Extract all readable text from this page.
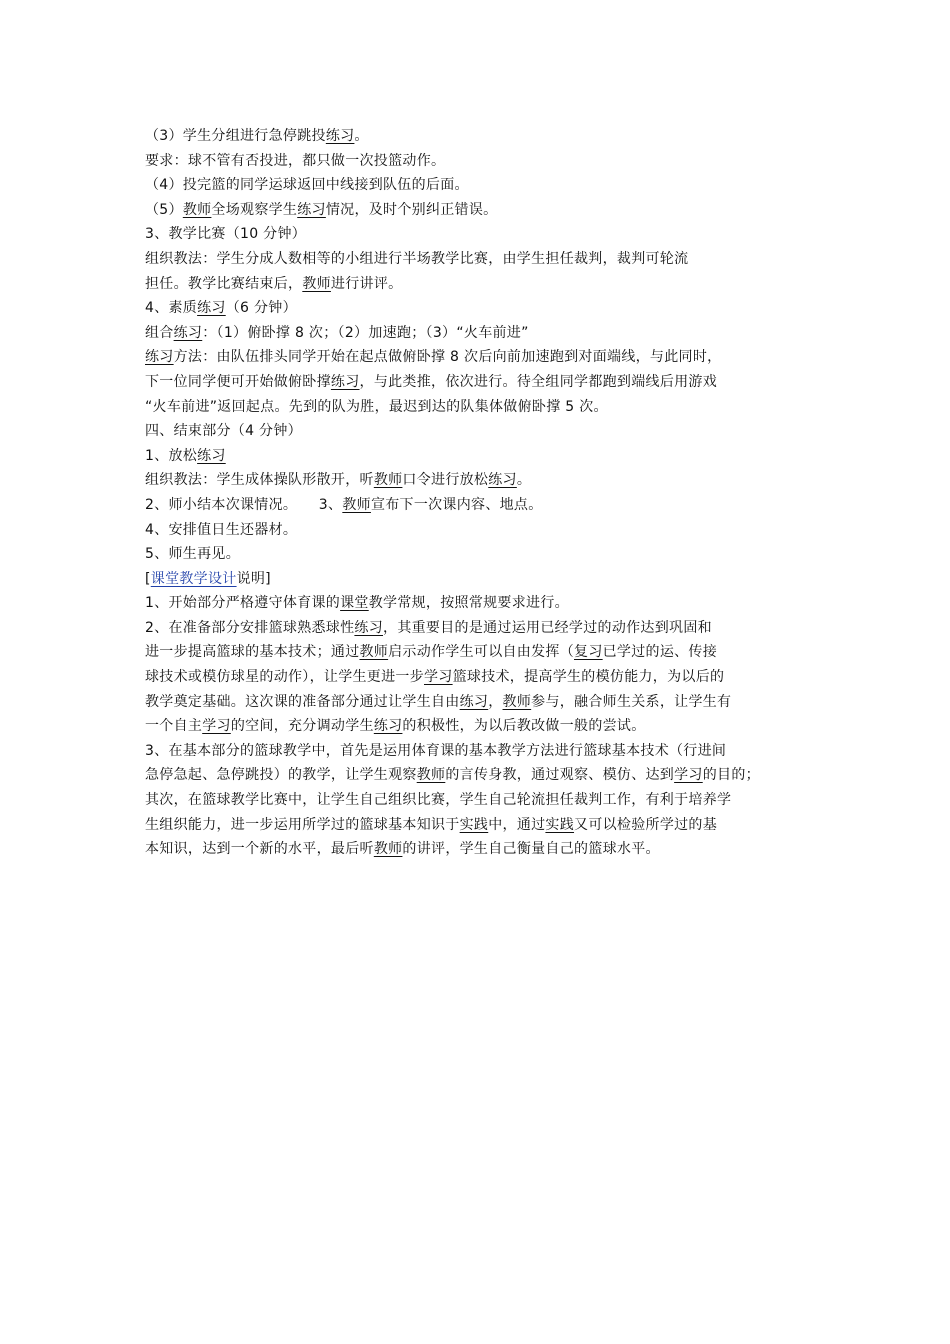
（3）学生分组进行急停跳投练习。
要求：球不管有否投进，都只做一次投篮动作。
（4）投完篮的同学运球返回中线接到队伍的后面。
（5）教师全场观察学生练习情况，及时个别纠正错误。
3、教学比赛（10 分钟）
组织教法：学生分成人数相等的小组进行半场教学比赛，由学生担任裁判，裁判可轮流
担任。教学比赛结束后，教师进行讲评。
4、素质练习（6 分钟）
组合练习：（1）俯卧撑 8 次；（2）加速跑；（3）“火车前进”
练习方法：由队伍排头同学开始在起点做俯卧撑 8 次后向前加速跑到对面端线，与此同时，
下一位同学便可开始做俯卧撑练习，与此类推，依次进行。待全组同学都跑到端线后用游戏
“火车前进”返回起点。先到的队为胜，最迟到达的队集体做俯卧撑 5 次。
四、结束部分（4 分钟）
1、放松练习
组织教法：学生成体操队形散开，听教师口令进行放松练习。
2、师小结本次课情况。　　3、教师宣布下一次课内容、地点。
4、安排值日生还器材。
5、师生再见。
[课堂教学设计说明]
1、开始部分严格遵守体育课的课堂教学常规，按照常规要求进行。
2、在准备部分安排篮球熟悉球性练习，其重要目的是通过运用已经学过的动作达到巩固和
进一步提高篮球的基本技术；通过教师启示动作学生可以自由发挥（复习已学过的运、传接
球技术或模仿球星的动作），让学生更进一步学习篮球技术，提高学生的模仿能力，为以后的
教学奠定基础。这次课的准备部分通过让学生自由练习，教师参与，融合师生关系，让学生有
一个自主学习的空间，充分调动学生练习的积极性，为以后教改做一般的尝试。
3、在基本部分的篮球教学中，首先是运用体育课的基本教学方法进行篮球基本技术（行进间
急停急起、急停跳投）的教学，让学生观察教师的言传身教，通过观察、模仿、达到学习的目的；
其次，在篮球教学比赛中，让学生自己组织比赛，学生自己轮流担任裁判工作，有利于培养学
生组织能力，进一步运用所学过的篮球基本知识于实践中，通过实践又可以检验所学过的基
本知识，达到一个新的水平，最后听教师的讲评，学生自己衡量自己的篮球水平。
